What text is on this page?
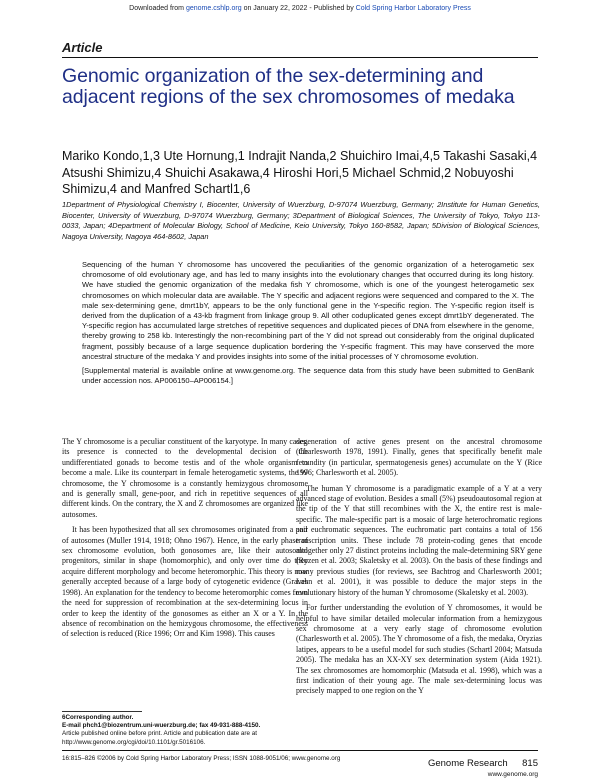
Downloaded from genome.cshlp.org on January 22, 2022 - Published by Cold Spring Harbor Laboratory Press
Article
Genomic organization of the sex-determining and adjacent regions of the sex chromosomes of medaka
Mariko Kondo,1,3 Ute Hornung,1 Indrajit Nanda,2 Shuichiro Imai,4,5 Takashi Sasaki,4 Atsushi Shimizu,4 Shuichi Asakawa,4 Hiroshi Hori,5 Michael Schmid,2 Nobuyoshi Shimizu,4 and Manfred Schartl1,6
1Department of Physiological Chemistry I, Biocenter, University of Wuerzburg, D-97074 Wuerzburg, Germany; 2Institute for Human Genetics, Biocenter, University of Wuerzburg, D-97074 Wuerzburg, Germany; 3Department of Biological Sciences, The University of Tokyo, Tokyo 113-0033, Japan; 4Department of Molecular Biology, School of Medicine, Keio University, Tokyo 160-8582, Japan; 5Division of Biological Sciences, Nagoya University, Nagoya 464-8602, Japan

Sequencing of the human Y chromosome has uncovered the peculiarities of the genomic organization of a heterogametic sex chromosome of old evolutionary age, and has led to many insights into the evolutionary changes that occurred during its long history. We have studied the genomic organization of the medaka fish Y chromosome, which is one of the youngest heterogametic sex chromosomes on which molecular data are available. The Y specific and adjacent regions were sequenced and compared to the X. The male sex-determining gene, dmrt1bY, appears to be the only functional gene in the Y-specific region. The Y-specific region itself is derived from the duplication of a 43-kb fragment from linkage group 9. All other coduplicated genes except dmrt1bY degenerated. The Y-specific region has accumulated large stretches of repetitive sequences and duplicated pieces of DNA from elsewhere in the genome, thereby growing to 258 kb. Interestingly the non-recombining part of the Y did not spread out considerably from the original duplicated fragment, possibly because of a large sequence duplication bordering the Y-specific fragment. This may have conserved the more ancestral structure of the medaka Y and provides insights into some of the initial processes of Y chromosome evolution.

[Supplemental material is available online at www.genome.org. The sequence data from this study have been submitted to GenBank under accession nos. AP006150–AP006154.]

The Y chromosome is a peculiar constituent of the karyotype. In many cases, its presence is connected to the developmental decision of the undifferentiated gonads to become testis and of the whole organism to become a male. Like its counterpart in female heterogametic systems, the W chromosome, the Y chromosome is a constantly hemizygous chromosome and is generally small, gene-poor, and rich in repetitive sequences of all different kinds. On the contrary, the X and Z chromosomes are organized like autosomes.

It has been hypothesized that all sex chromosomes originated from a pair of autosomes (Muller 1914, 1918; Ohno 1967). Hence, in the early phase of sex chromosome evolution, both gonosomes are, like their autosomal progenitors, similar in shape (homomorphic), and only over time do they acquire different morphology and become heteromorphic. This theory is now generally accepted because of a large body of cytogenetic evidence (Graves 1998). An explanation for the tendency to become heteromorphic comes from the need for suppression of recombination at the sex-determining locus in order to keep the identity of the gonosomes as either an X or a Y. In the absence of recombination on the hemizygous chromosome, the effectiveness of selection is reduced (Rice 1996; Orr and Kim 1998). This causes

degeneration of active genes present on the ancestral chromosome (Charlesworth 1978, 1991). Finally, genes that specifically benefit male fecundity (in particular, spermatogenesis genes) accumulate on the Y (Rice 1996; Charlesworth et al. 2005).

The human Y chromosome is a paradigmatic example of a Y at a very advanced stage of evolution. Besides a small (5%) pseudoautosomal region at the tip of the Y that still recombines with the X, the entire rest is male-specific. The male-specific part is a mosaic of large heterochromatic regions and euchromatic sequences. The euchromatic part contains a total of 156 transcription units. These include 78 protein-coding genes that encode altogether only 27 distinct proteins including the male-determining SRY gene (Rozen et al. 2003; Skaletsky et al. 2003). On the basis of these findings and many previous studies (for reviews, see Bachtrog and Charlesworth 2001; Lahn et al. 2001), it was possible to deduce the major steps in the evolutionary history of the human Y chromosome (Skaletsky et al. 2003).

For further understanding the evolution of Y chromosomes, it would be helpful to have similar detailed molecular information from a hemizygous sex chromosome at a very early stage of chromosome evolution (Charlesworth et al. 2005). The Y chromosome of a fish, the medaka, Oryzias latipes, appears to be a useful model for such studies (Schartl 2004; Matsuda 2005). The medaka has an XX-XY sex determination system (Aida 1921). The sex chromosomes are homomorphic (Matsuda et al. 1998), which was a first indication of their young age. The male sex-determining locus was precisely mapped to one region on the Y

6Corresponding author.
E-mail phch1@biozentrum.uni-wuerzburg.de; fax 49-931-888-4150.
Article published online before print. Article and publication date are at
http://www.genome.org/cgi/doi/10.1101/gr.5016106.
16:815–826 ©2006 by Cold Spring Harbor Laboratory Press; ISSN 1088-9051/06; www.genome.org	Genome Research 815
www.genome.org
